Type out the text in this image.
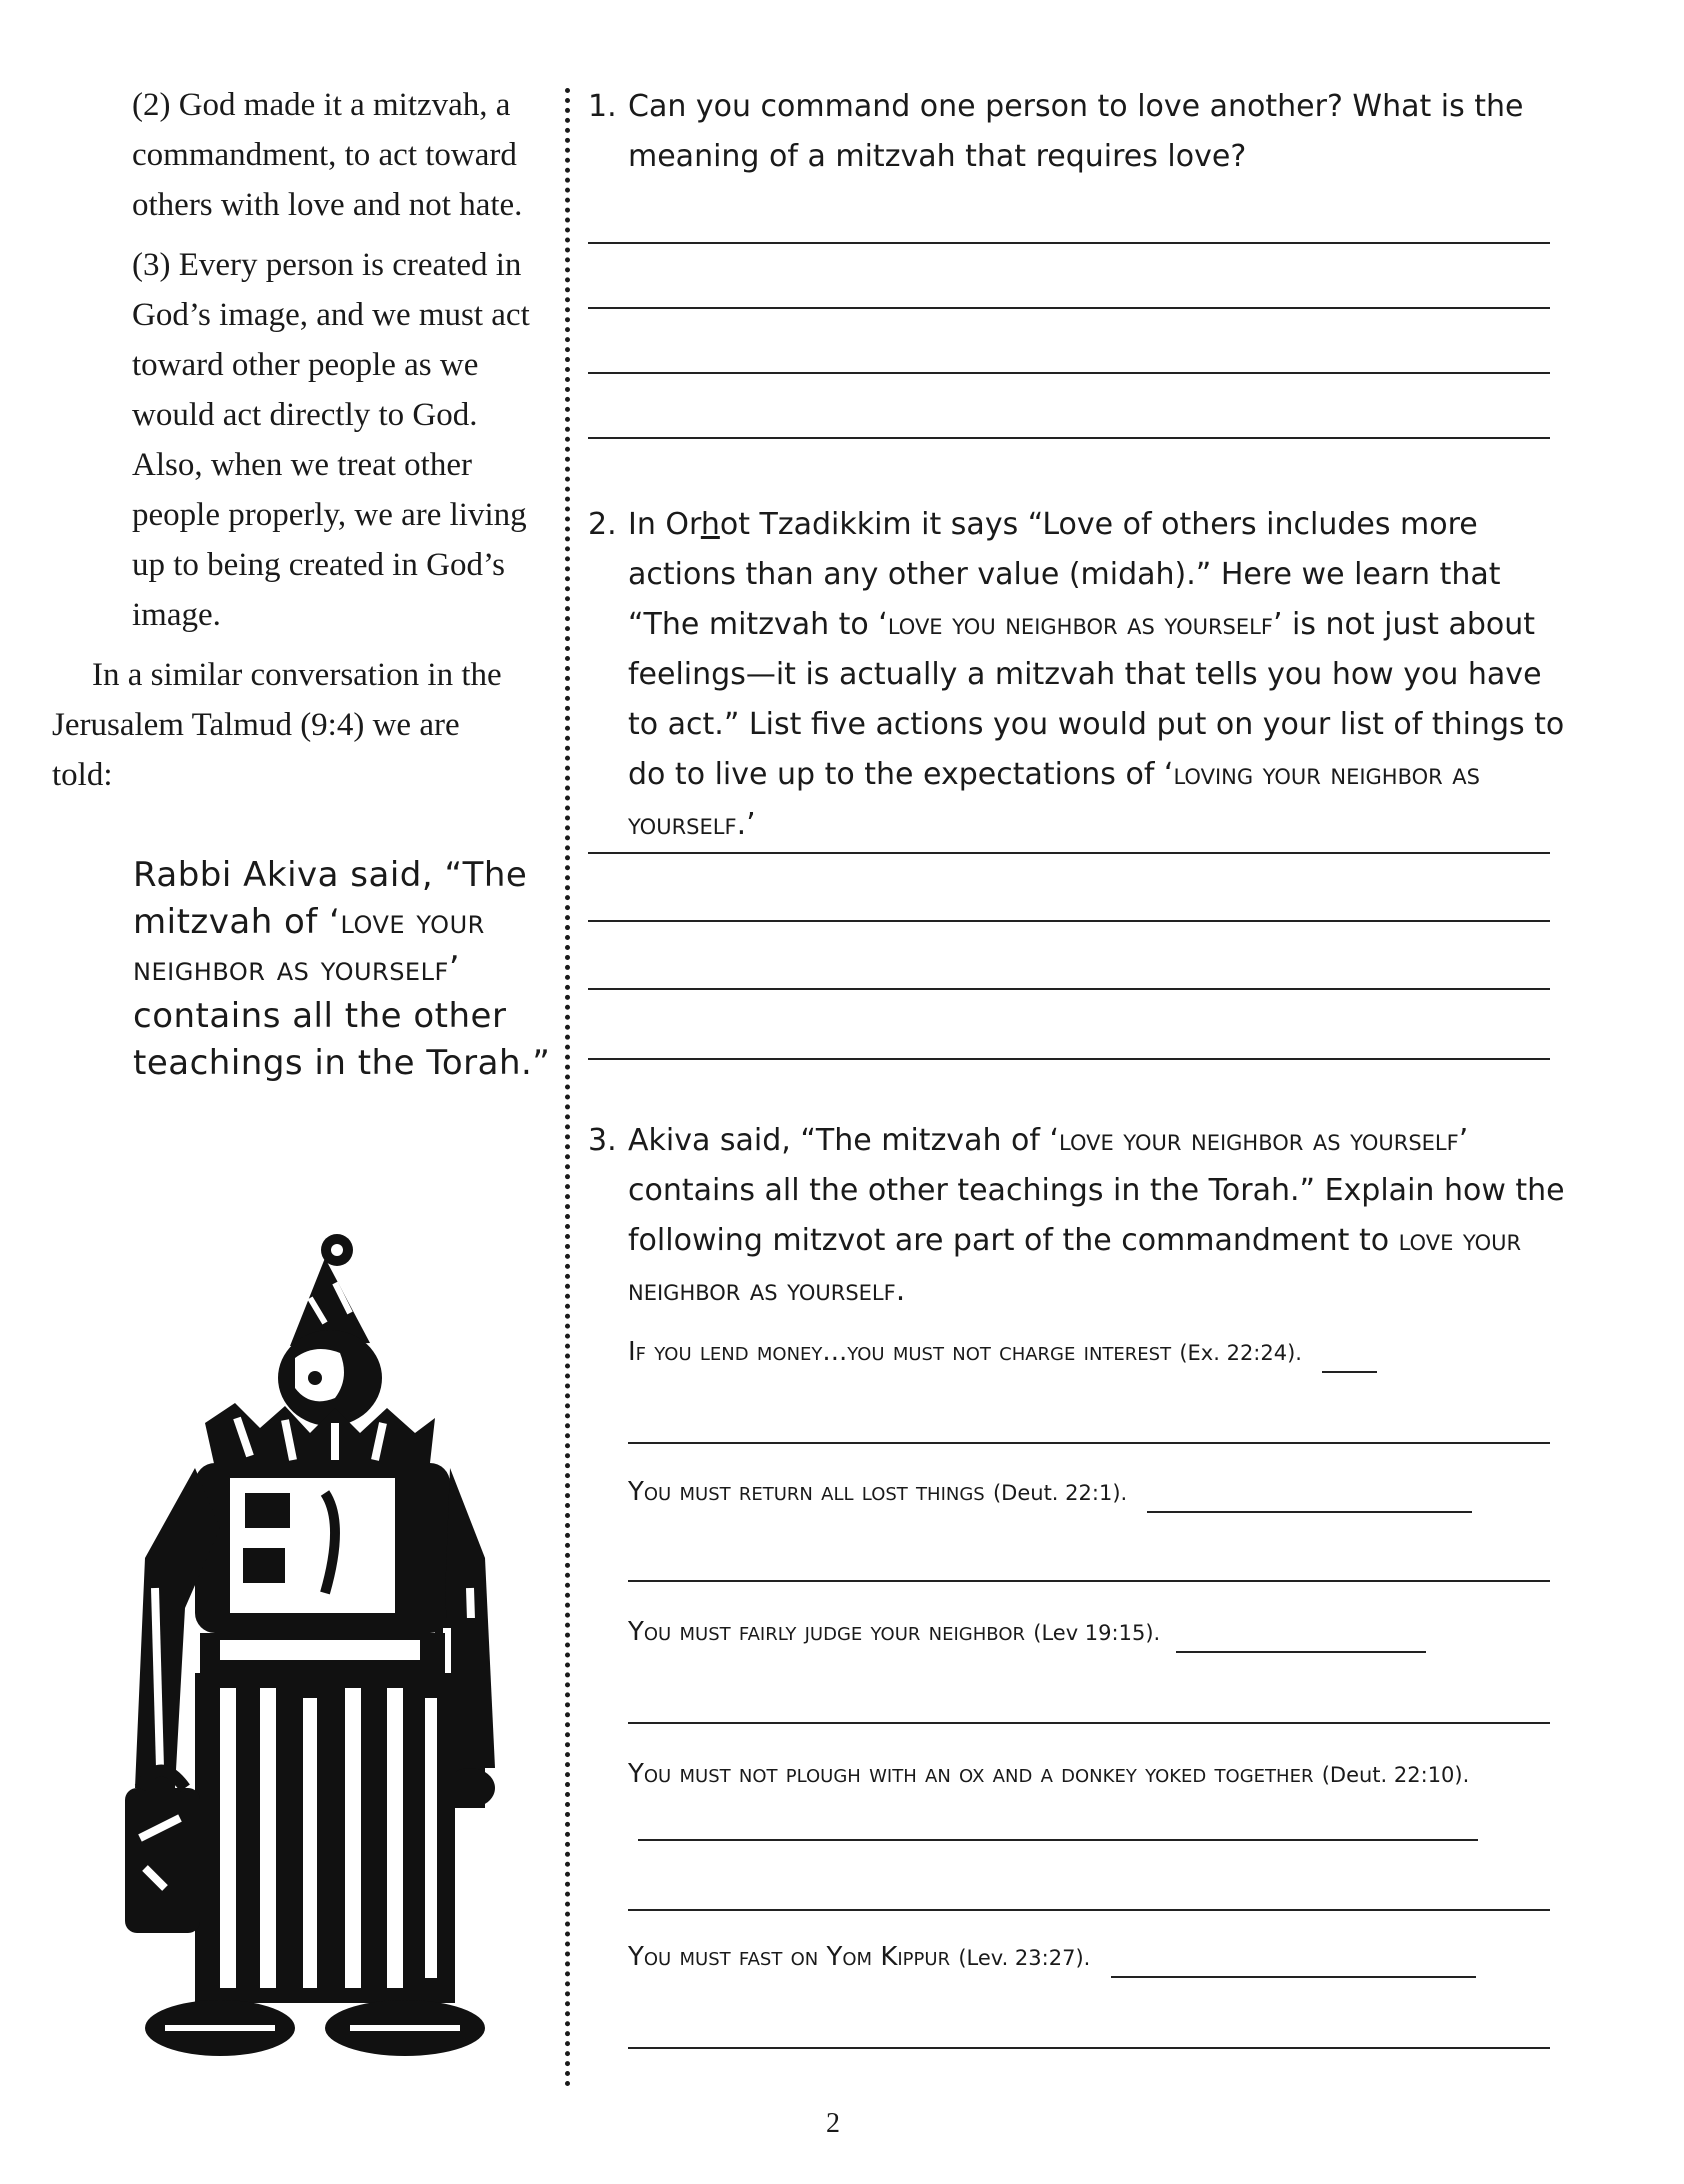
(2) God made it a mitzvah, a commandment, to act toward others with love and not hate.

(3) Every person is created in God’s image, and we must act toward other people as we would act directly to God. Also, when we treat other people properly, we are living up to being created in God’s image.

In a similar conversation in the Jerusalem Talmud (9:4) we are told:

Rabbi Akiva said, “The mitzvah of ‘love your neighbor as yourself’ contains all the other teachings in the Torah.”
1. Can you command one person to love another? What is the meaning of a mitzvah that requires love?
2. In Orhot Tzadikkim it says “Love of others includes more actions than any other value (midah).” Here we learn that “The mitzvah to ‘love you neighbor as yourself’ is not just about feelings—it is actually a mitzvah that tells you how you have to act.” List five actions you would put on your list of things to do to live up to the expectations of ‘loving your neighbor as yourself.’
3. Akiva said, “The mitzvah of ‘love your neighbor as yourself’ contains all the other teachings in the Torah.” Explain how the following mitzvot are part of the commandment to love your neighbor as yourself.
If you lend money...you must not charge interest (Ex. 22:24).
You must return all lost things (Deut. 22:1).
You must fairly judge your neighbor (Lev 19:15).
You must not plough with an ox and a donkey yoked together (Deut. 22:10).
You must fast on Yom Kippur (Lev. 23:27).
2
